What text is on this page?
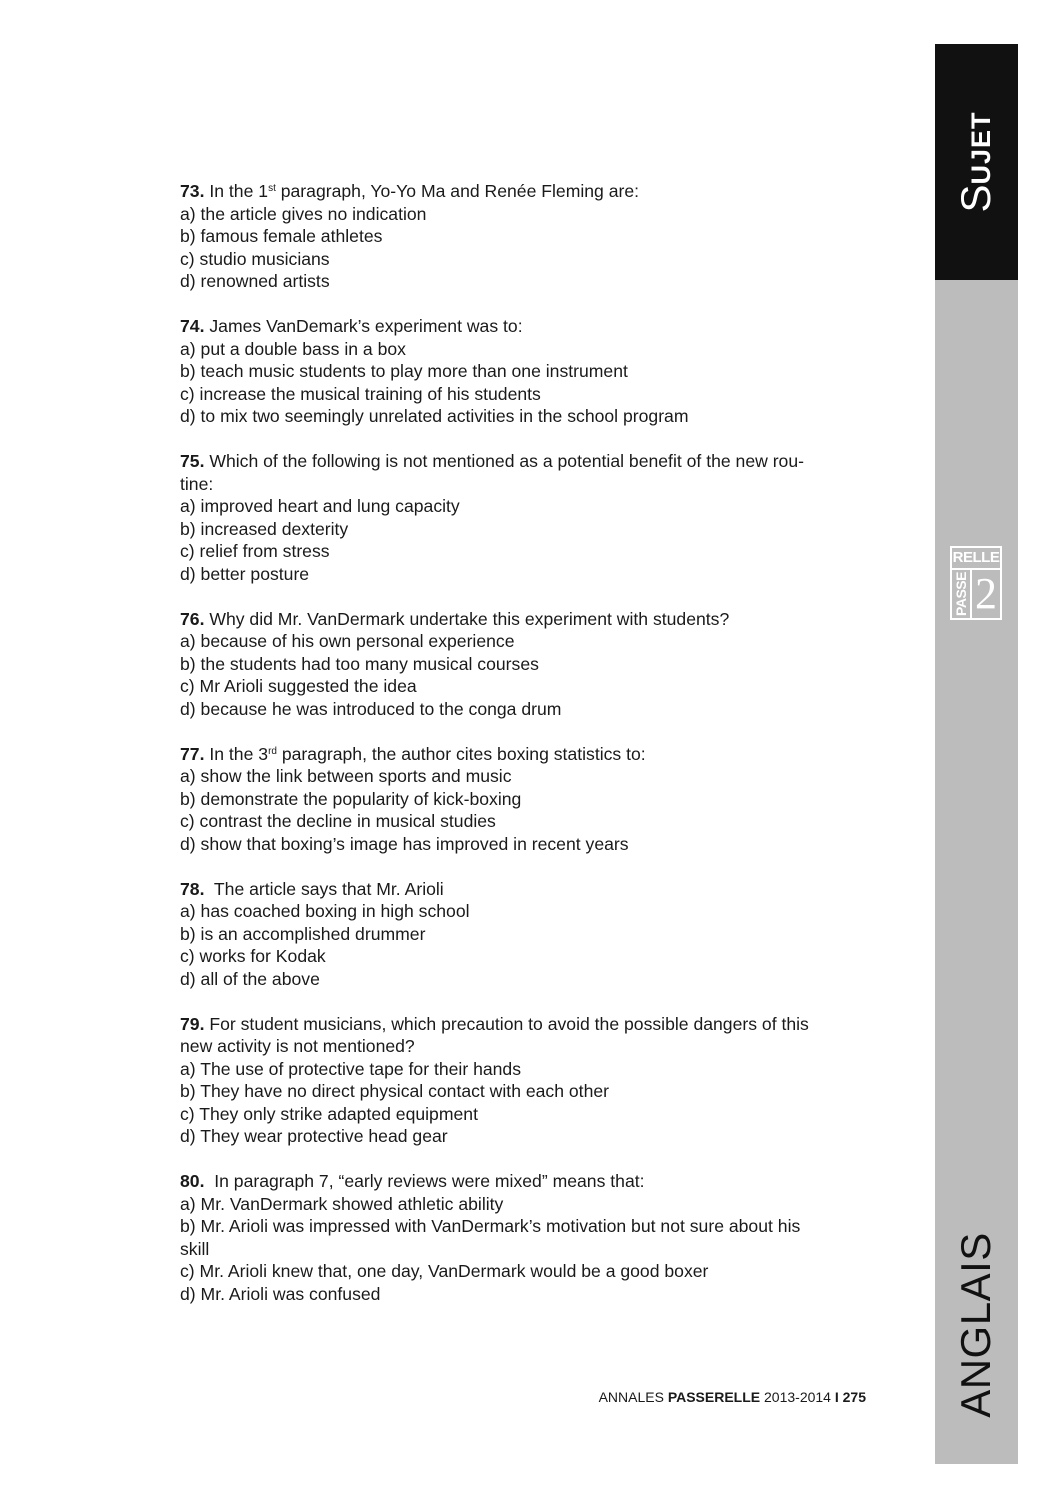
SUJET
RELLE
PASSE 2
ANGLAIS
73. In the 1st paragraph, Yo-Yo Ma and Renée Fleming are:
a) the article gives no indication
b) famous female athletes
c) studio musicians
d) renowned artists
74. James VanDemark’s experiment was to:
a) put a double bass in a box
b) teach music students to play more than one instrument
c) increase the musical training of his students
d) to mix two seemingly unrelated activities in the school program
75. Which of the following is not mentioned as a potential benefit of the new rou-
tine:
a) improved heart and lung capacity
b) increased dexterity
c) relief from stress
d) better posture
76. Why did Mr. VanDermark undertake this experiment with students?
a) because of his own personal experience
b) the students had too many musical courses
c) Mr Arioli suggested the idea
d) because he was introduced to the conga drum
77. In the 3rd paragraph, the author cites boxing statistics to:
a) show the link between sports and music
b) demonstrate the popularity of kick-boxing
c) contrast the decline in musical studies
d) show that boxing’s image has improved in recent years
78.  The article says that Mr. Arioli
a) has coached boxing in high school
b) is an accomplished drummer
c) works for Kodak
d) all of the above
79. For student musicians, which precaution to avoid the possible dangers of this
new activity is not mentioned?
a) The use of protective tape for their hands
b) They have no direct physical contact with each other
c) They only strike adapted equipment
d) They wear protective head gear
80.  In paragraph 7, “early reviews were mixed” means that:
a) Mr. VanDermark showed athletic ability
b) Mr. Arioli was impressed with VanDermark’s motivation but not sure about his
skill
c) Mr. Arioli knew that, one day, VanDermark would be a good boxer
d) Mr. Arioli was confused
ANNALES PASSERELLE 2013-2014 I 275
